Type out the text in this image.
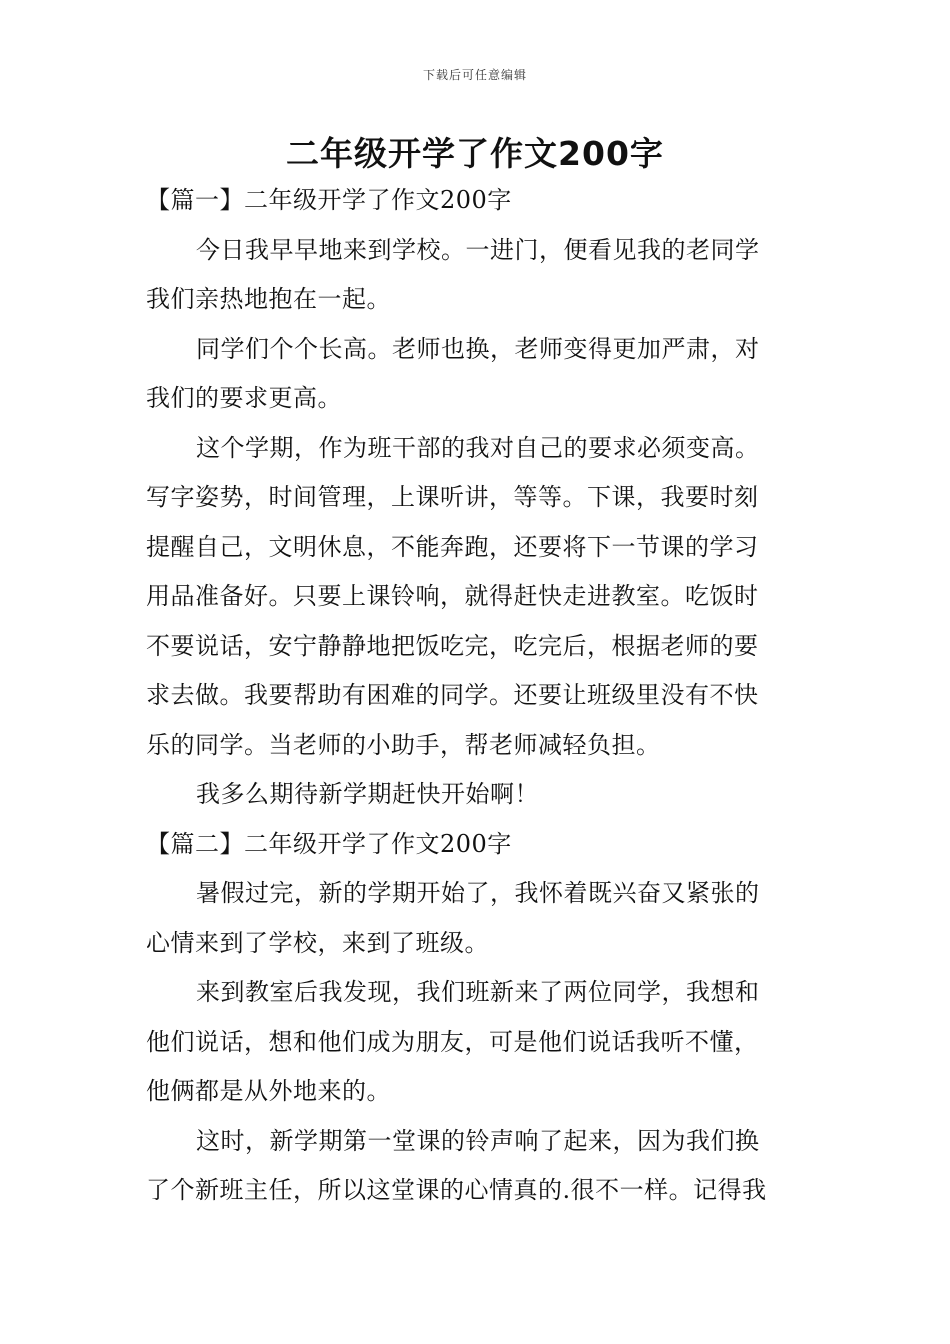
下载后可任意编辑
二年级开学了作文200字
【篇一】二年级开学了作文200字
今日我早早地来到学校。一进门，便看见我的老同学
我们亲热地抱在一起。
同学们个个长高。老师也换，老师变得更加严肃，对
我们的要求更高。
这个学期，作为班干部的我对自己的要求必须变高。
写字姿势，时间管理，上课听讲，等等。下课，我要时刻
提醒自己，文明休息，不能奔跑，还要将下一节课的学习
用品准备好。只要上课铃响，就得赶快走进教室。吃饭时
不要说话，安宁静静地把饭吃完，吃完后，根据老师的要
求去做。我要帮助有困难的同学。还要让班级里没有不快
乐的同学。当老师的小助手，帮老师减轻负担。
我多么期待新学期赶快开始啊！
【篇二】二年级开学了作文200字
暑假过完，新的学期开始了，我怀着既兴奋又紧张的
心情来到了学校，来到了班级。
来到教室后我发现，我们班新来了两位同学，我想和
他们说话，想和他们成为朋友，可是他们说话我听不懂，
他俩都是从外地来的。
这时，新学期第一堂课的铃声响了起来，因为我们换
了个新班主任，所以这堂课的心情真的.很不一样。记得我
